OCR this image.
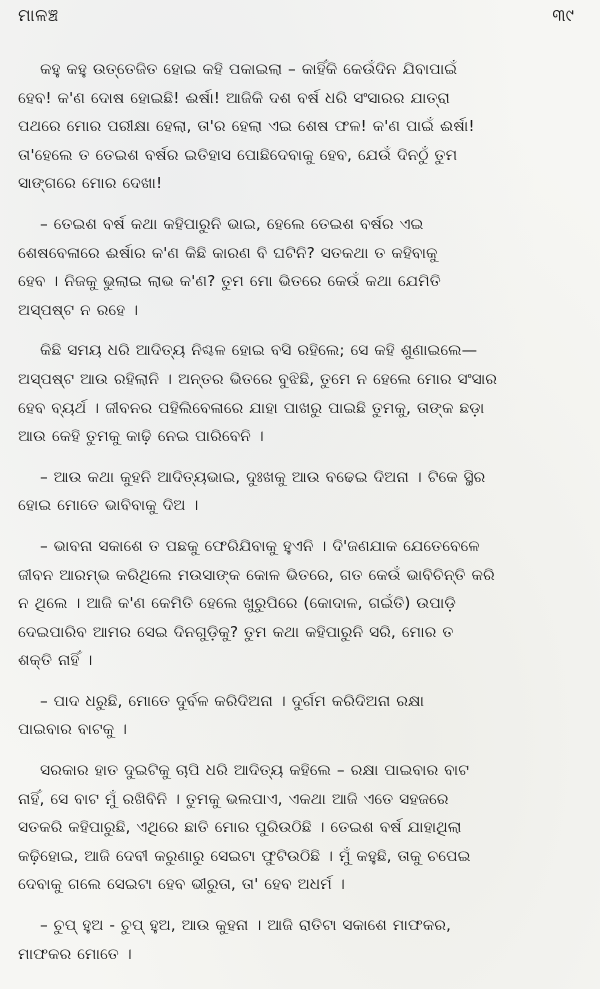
ମାଳଞ୍ଚ	୩୯

କହୁ କହୁ ଉତ୍ତେଜିତ ହୋଇ କହି ପକାଇଲା – କାହିଁକି କେଉଁଦିନ ଯିବାପାଇଁ
ହେବ! କ'ଣ ଦୋଷ ହୋଇଛି! ଈର୍ଷା! ଆଜିକି ଦଶ ବର୍ଷ ଧରି ସଂସାରର ଯାତ୍ରା
ପଥରେ ମୋର ପରୀକ୍ଷା ହେଲା, ତା'ର ହେଲା ଏଇ ଶେଷ ଫଳ! କ'ଣ ପାଇଁ ଈର୍ଷା!
ତା'ହେଲେ ତ ତେଇଶ ବର୍ଷର ଇତିହାସ ପୋଛିଦେବାକୁ ହେବ, ଯେଉଁ ଦିନଠୁଁ ତୁମ
ସାଙ୍ଗରେ ମୋର ଦେଖା!

– ତେଇଶ ବର୍ଷ କଥା କହିପାରୁନି ଭାଇ, ହେଲେ ତେଇଶ ବର୍ଷର ଏଇ
ଶେଷବେଳାରେ ଈର୍ଷାର କ'ଣ କିଛି କାରଣ ବି ଘଟିନି? ସତକଥା ତ କହିବାକୁ
ହେବ । ନିଜକୁ ଭୁଲାଇ ଲାଭ କ'ଣ? ତୁମ ମୋ ଭିତରେ କେଉଁ କଥା ଯେମିତି
ଅସ୍ପଷ୍ଟ ନ ରହେ ।

କିଛି ସମୟ ଧରି ଆଦିତ୍ୟ ନିଶ୍ଚଳ ହୋଇ ବସି ରହିଲେ; ସେ କହି ଶୁଣାଇଲେ—
ଅସ୍ପଷ୍ଟ ଆଉ ରହିଲାନି । ଅନ୍ତର ଭିତରେ ବୁଝିଛି, ତୁମେ ନ ହେଲେ ମୋର ସଂସାର
ହେବ ବ୍ୟର୍ଥ । ଜୀବନର ପହିଲିବେଳାରେ ଯାହା ପାଖରୁ ପାଇଛି ତୁମକୁ, ତାଙ୍କ ଛଡ଼ା
ଆଉ କେହି ତୁମକୁ କାଢ଼ି ନେଇ ପାରିବେନି ।

– ଆଉ କଥା କୁହନି ଆଦିତ୍ୟଭାଇ, ଦୁଃଖକୁ ଆଉ ବଢେଇ ଦିଅନା । ଟିକେ ସ୍ଥିର
ହୋଇ ମୋତେ ଭାବିବାକୁ ଦିଅ ।

– ଭାବନା ସକାଶେ ତ ପଛକୁ ଫେରିଯିବାକୁ ହୁଏନି । ଦି'ଜଣଯାକ ଯେତେବେଳେ
ଜୀବନ ଆରମ୍ଭ କରିଥିଲେ ମଉସାଙ୍କ କୋଳ ଭିତରେ, ଗତ କେଉଁ ଭାବିଚିନ୍ତି କରି
ନ ଥିଲେ । ଆଜି କ'ଣ କେମିତି ହେଲେ ଖୁରୁପିରେ (କୋଦାଳ, ଗଇଁତି) ଉପାଡ଼ି
ଦେଇପାରିବ ଆମର ସେଇ ଦିନଗୁଡ଼ିକୁ? ତୁମ କଥା କହିପାରୁନି ସରି, ମୋର ତ
ଶକ୍ତି ନାହିଁ ।

– ପାଦ ଧରୁଛି, ମୋତେ ଦୁର୍ବଳ କରିଦିଅନା । ଦୁର୍ଗମ କରିଦିଅନା ରକ୍ଷା
ପାଇବାର ବାଟକୁ ।

ସରକାର ହାତ ଦୁଇଟିକୁ ଚାପି ଧରି ଆଦିତ୍ୟ କହିଲେ – ରକ୍ଷା ପାଇବାର ବାଟ
ନାହିଁ, ସେ ବାଟ ମୁଁ ରଖିବିନି । ତୁମକୁ ଭଲପାଏ, ଏକଥା ଆଜି ଏତେ ସହଜରେ
ସତକରି କହିପାରୁଛି, ଏଥିରେ ଛାତି ମୋର ପୁରିଉଠିଛି । ତେଇଶ ବର୍ଷ ଯାହାଥିଲା
କଢ଼ିହୋଇ, ଆଜି ଦେବୀ କରୁଣାରୁ ସେଇଟା ଫୁଟିଉଠିଛି । ମୁଁ କହୁଛି, ତାକୁ ଚପେଇ
ଦେବାକୁ ଗଲେ ସେଇଟା ହେବ ଭୀରୁତା, ତା' ହେବ ଅଧର୍ମ ।

– ଚୁପ୍ ହୁଅ - ଚୁପ୍ ହୁଅ, ଆଉ କୁହନା । ଆଜି ରାତିଟା ସକାଶେ ମାଫକର,
ମାଫକର ମୋତେ ।
